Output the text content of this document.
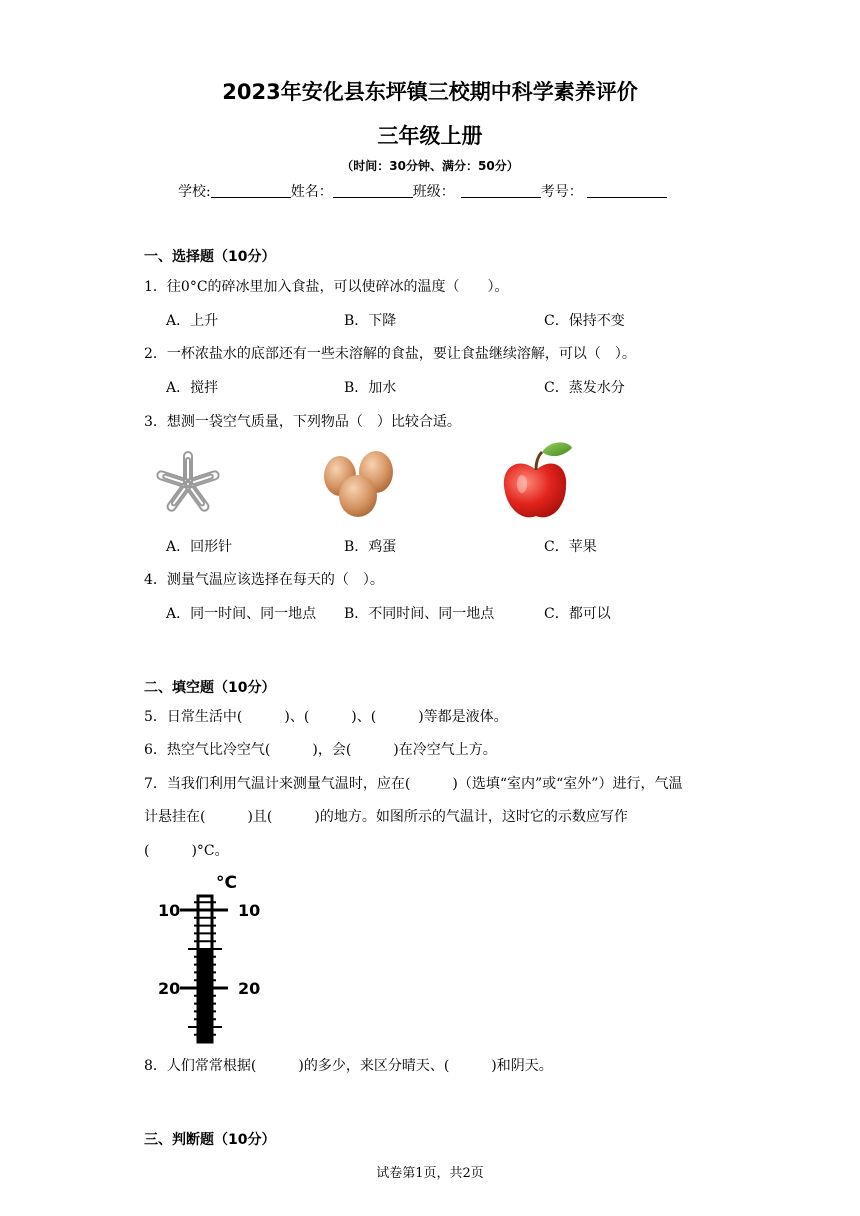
2023年安化县东坪镇三校期中科学素养评价
三年级上册
（时间：30分钟、满分：50分）
学校:	姓名：	班级：	考号：
一、选择题（10分）
1．往0°C的碎冰里加入食盐，可以使碎冰的温度（　　）。
A．上升	B．下降	C．保持不变
2．一杯浓盐水的底部还有一些未溶解的食盐，要让食盐继续溶解，可以（　）。
A．搅拌	B．加水	C．蒸发水分
3．想测一袋空气质量，下列物品（　）比较合适。
A．回形针	B．鸡蛋	C．苹果
4．测量气温应该选择在每天的（　）。
A．同一时间、同一地点 B．不同时间、同一地点	C．都可以
二、填空题（10分）
5．日常生活中(　　　)、(　　　)、(　　　)等都是液体。
6．热空气比冷空气(　　　)，会(　　　)在冷空气上方。
7．当我们利用气温计来测量气温时，应在(　　　)（选填“室内”或“室外”）进行，气温
计悬挂在(　　　)且(　　　)的地方。如图所示的气温计，这时它的示数应写作
(　　　)°C。
°C
10	10
20	20
8．人们常常根据(　　　)的多少，来区分晴天、(　　　)和阴天。
三、判断题（10分）
试卷第1页，共2页
